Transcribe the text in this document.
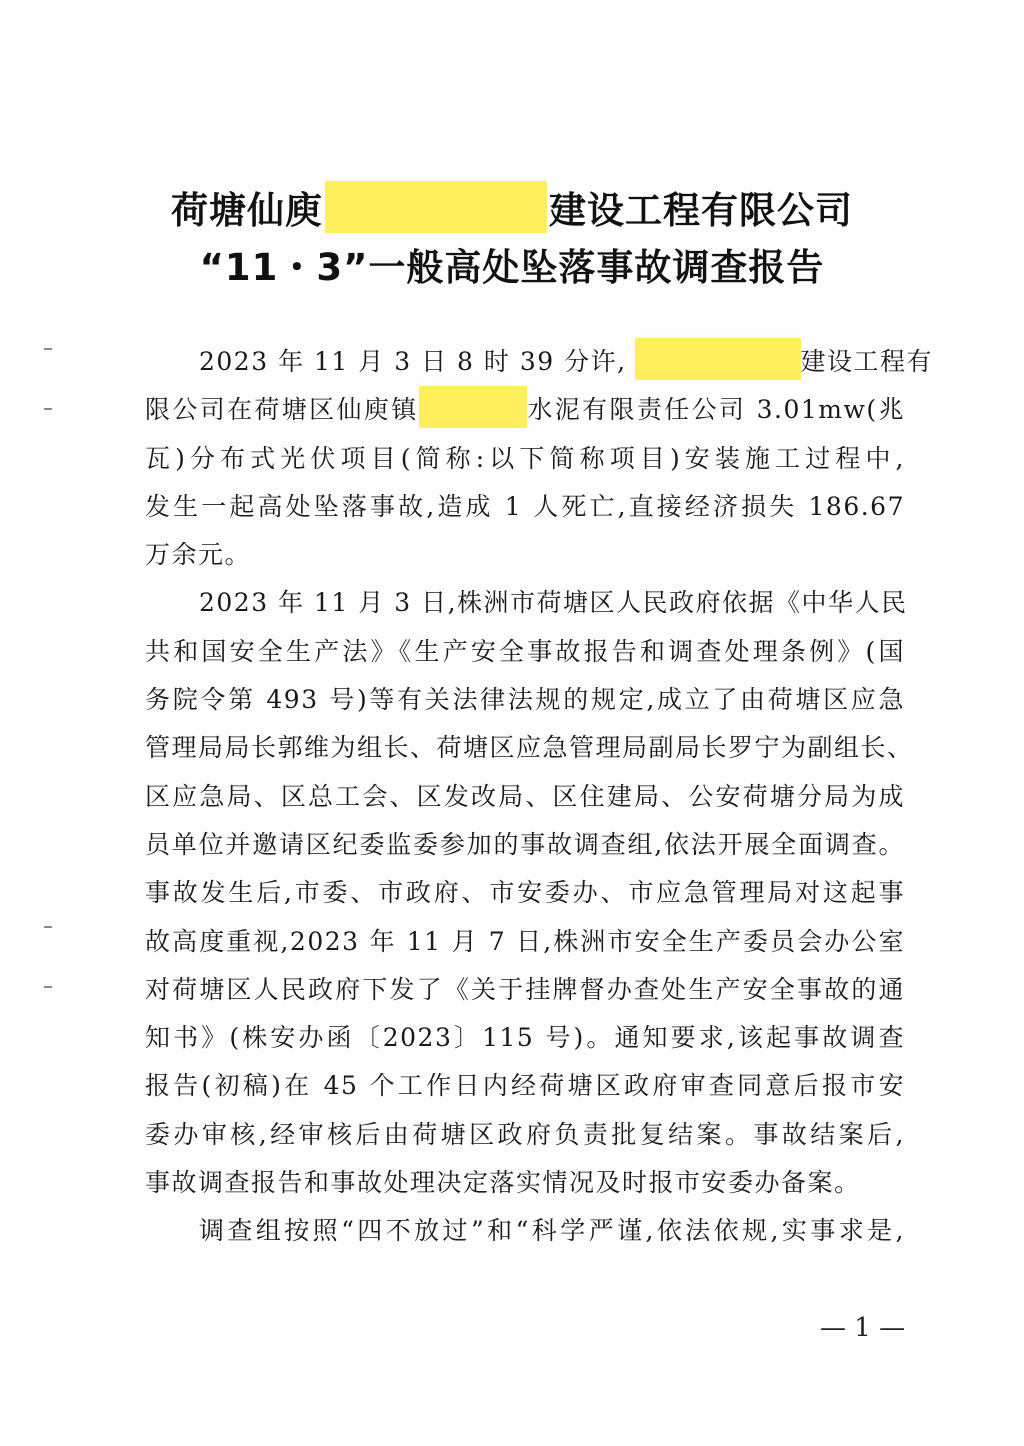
荷塘仙庾	建设工程有限公司
“11・3”一般高处坠落事故调查报告
2023 年 11 月 3 日 8 时 39 分许,	建设工程有
限公司在荷塘区仙庾镇	水泥有限责任公司 3.01mw(兆
瓦)分布式光伏项目(简称:以下简称项目)安装施工过程中,
发生一起高处坠落事故,造成 1 人死亡,直接经济损失 186.67
万余元。
2023 年 11 月 3 日,株洲市荷塘区人民政府依据《中华人民
共和国安全生产法》《生产安全事故报告和调查处理条例》(国
务院令第 493 号)等有关法律法规的规定,成立了由荷塘区应急
管理局局长郭维为组长、荷塘区应急管理局副局长罗宁为副组长、
区应急局、区总工会、区发改局、区住建局、公安荷塘分局为成
员单位并邀请区纪委监委参加的事故调查组,依法开展全面调查。
事故发生后,市委、市政府、市安委办、市应急管理局对这起事
故高度重视,2023 年 11 月 7 日,株洲市安全生产委员会办公室
对荷塘区人民政府下发了《关于挂牌督办查处生产安全事故的通
知书》(株安办函〔2023〕115 号)。通知要求,该起事故调查
报告(初稿)在 45 个工作日内经荷塘区政府审查同意后报市安
委办审核,经审核后由荷塘区政府负责批复结案。事故结案后,
事故调查报告和事故处理决定落实情况及时报市安委办备案。
调查组按照“四不放过”和“科学严谨,依法依规,实事求是,
— 1 —
